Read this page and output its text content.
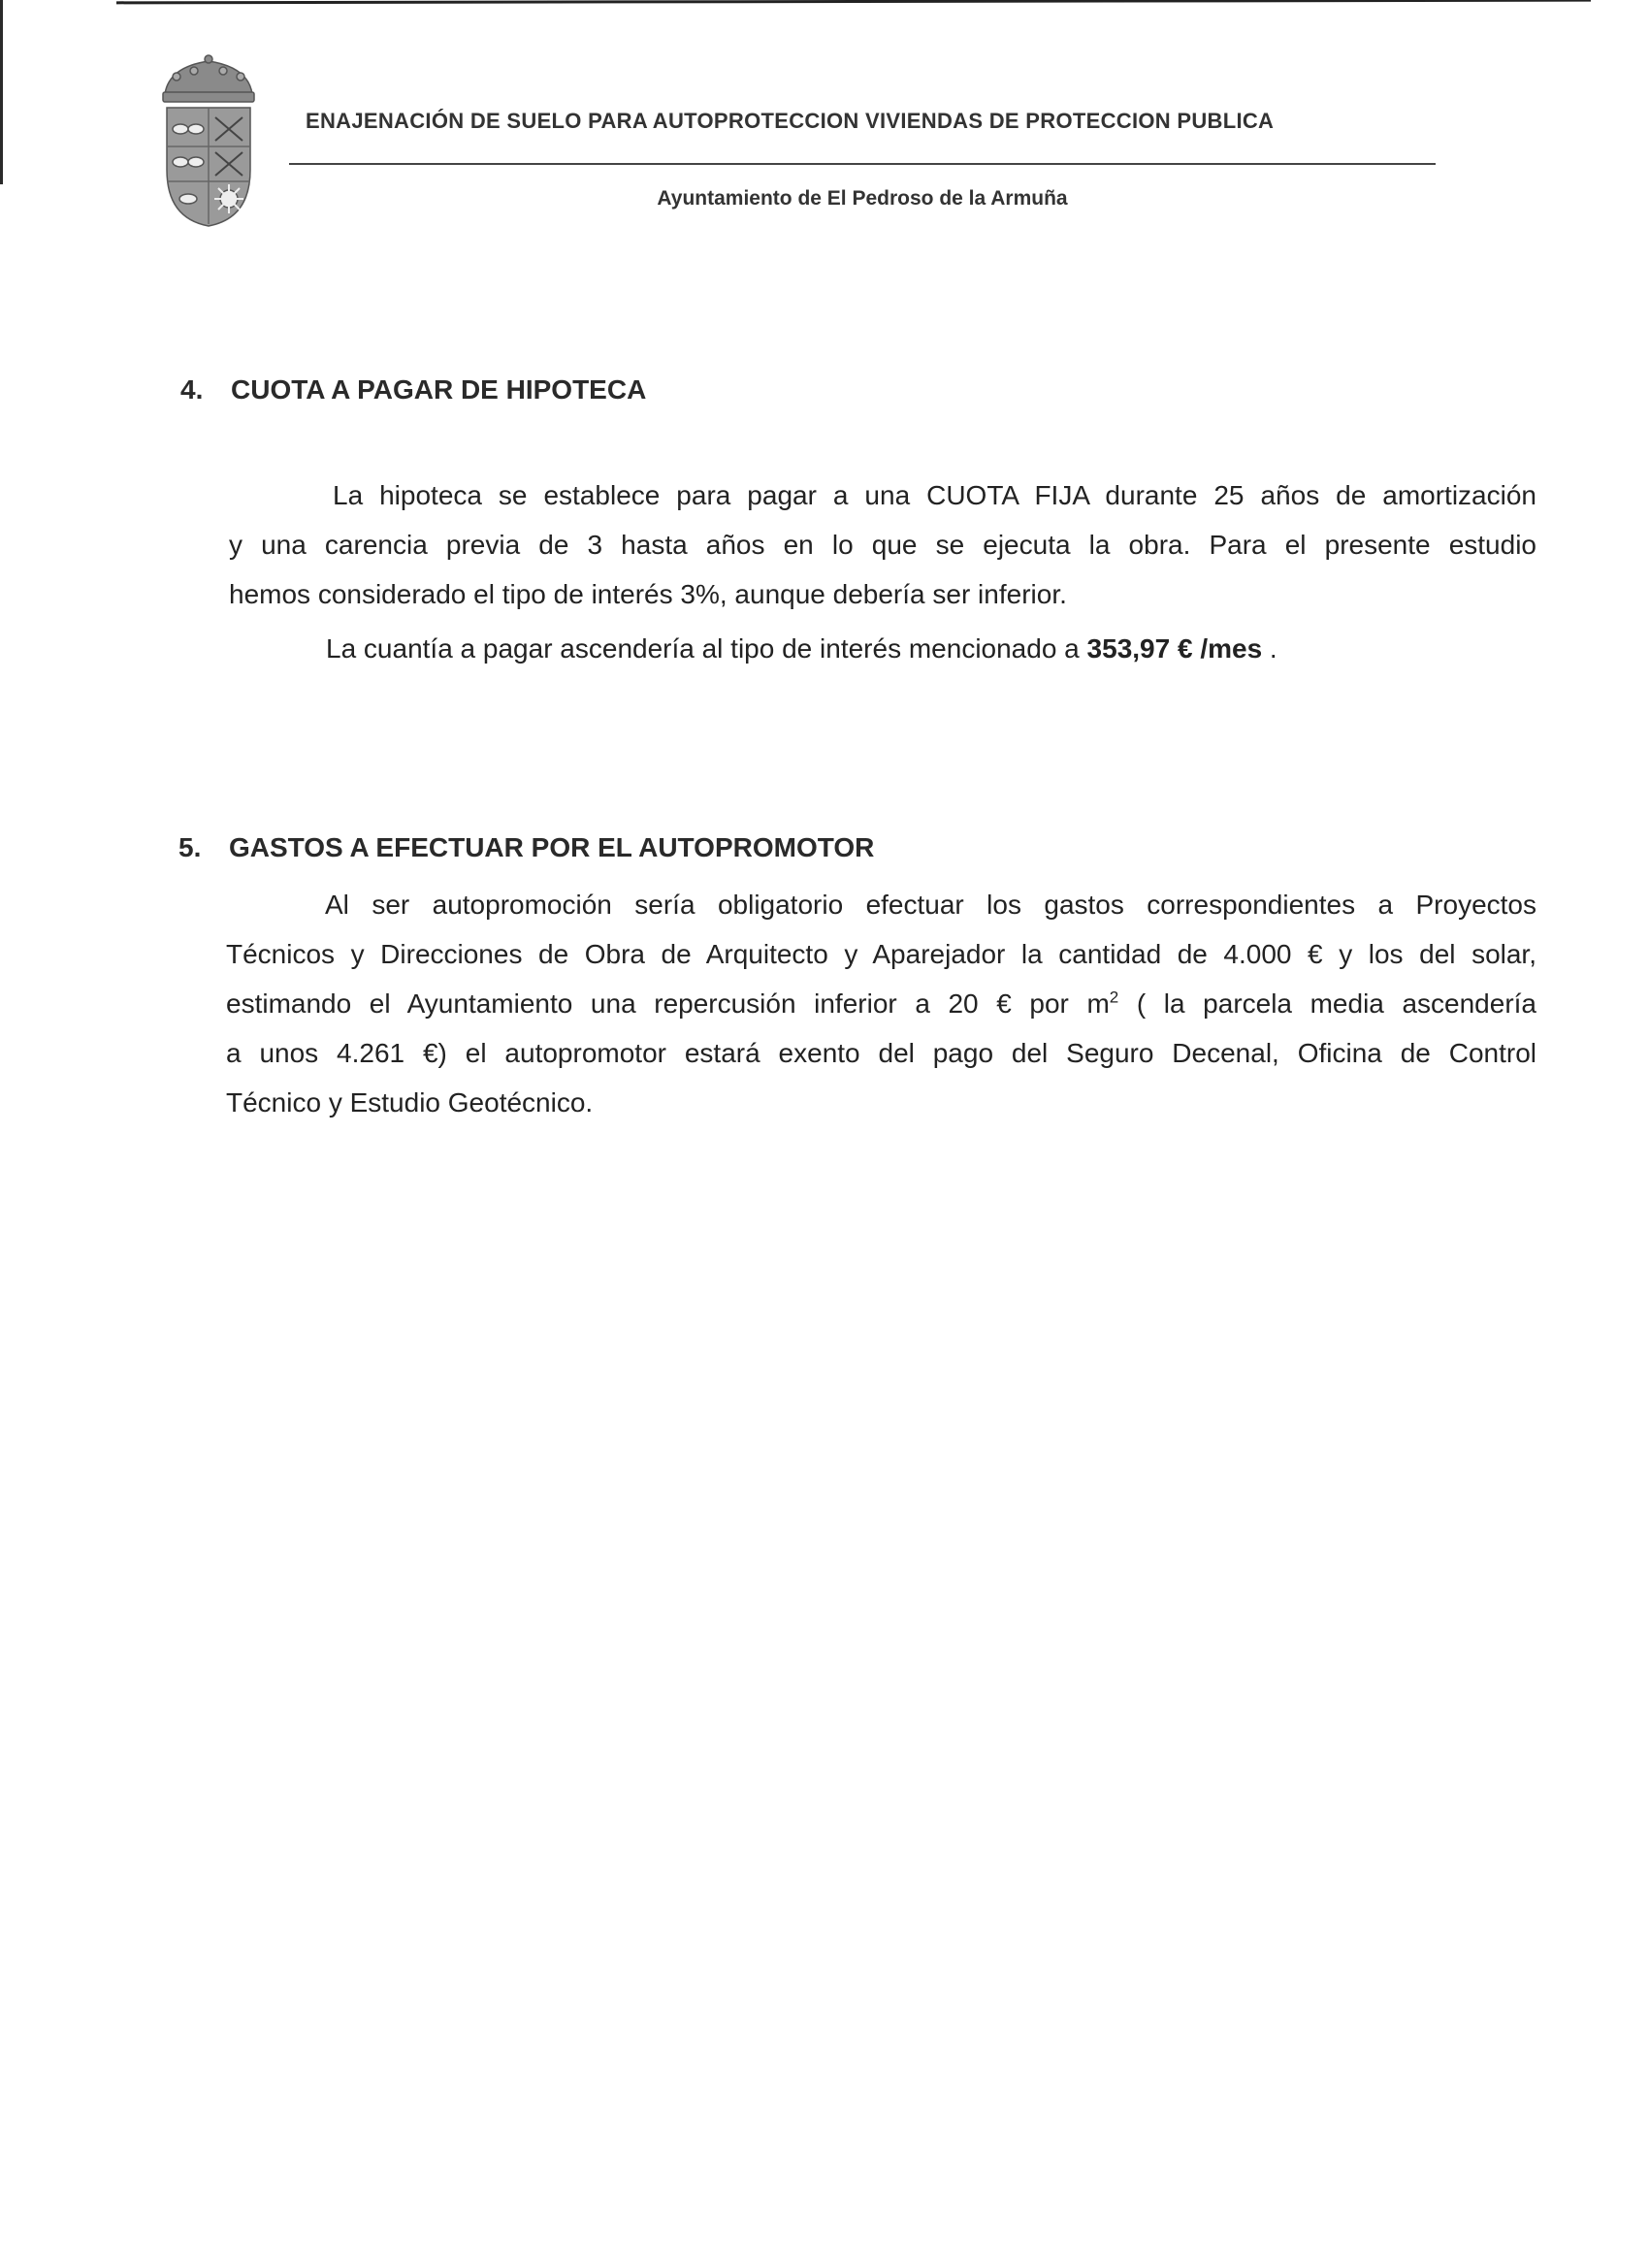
ENAJENACIÓN DE SUELO PARA AUTOPROTECCION VIVIENDAS DE PROTECCION PUBLICA
Ayuntamiento de El Pedroso de la Armuña
4. CUOTA A PAGAR DE HIPOTECA

La hipoteca se establece para pagar a una CUOTA FIJA durante 25 años de amortización

y una carencia previa de 3 hasta años en lo que se ejecuta la obra. Para el presente estudio

hemos considerado el tipo de interés 3%, aunque debería ser inferior.

La cuantía a pagar ascendería al tipo de interés mencionado a 353,97 € /mes .
5. GASTOS A EFECTUAR POR EL AUTOPROMOTOR

Al ser autopromoción sería obligatorio efectuar los gastos correspondientes a Proyectos

Técnicos y Direcciones de Obra de Arquitecto y Aparejador la cantidad de 4.000 € y los del solar,

estimando el Ayuntamiento una repercusión inferior a 20 € por $m^2$ ( la parcela media ascendería

a unos 4.261 €) el autopromotor estará exento del pago del Seguro Decenal, Oficina de Control

Técnico y Estudio Geotécnico.
